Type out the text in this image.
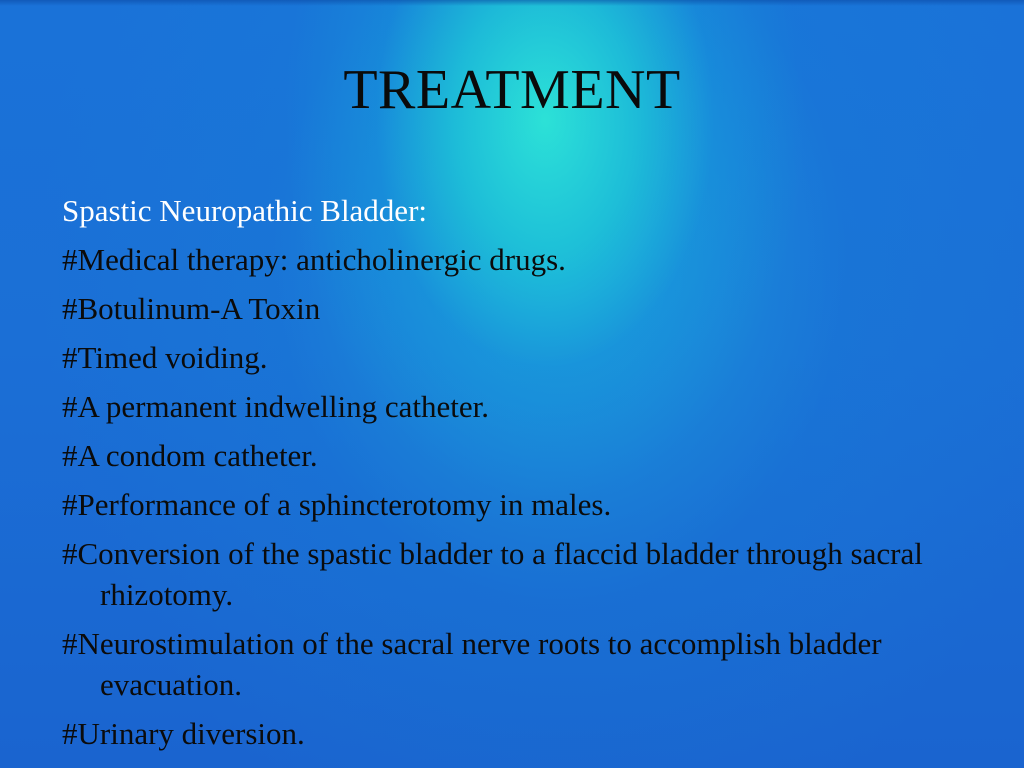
TREATMENT
Spastic Neuropathic Bladder:
#Medical therapy: anticholinergic drugs.
#Botulinum-A Toxin
#Timed voiding.
#A permanent indwelling catheter.
#A condom catheter.
#Performance of a sphincterotomy in males.
#Conversion of the spastic bladder to a flaccid bladder through sacral rhizotomy.
#Neurostimulation of the sacral nerve roots to accomplish bladder evacuation.
#Urinary diversion.
